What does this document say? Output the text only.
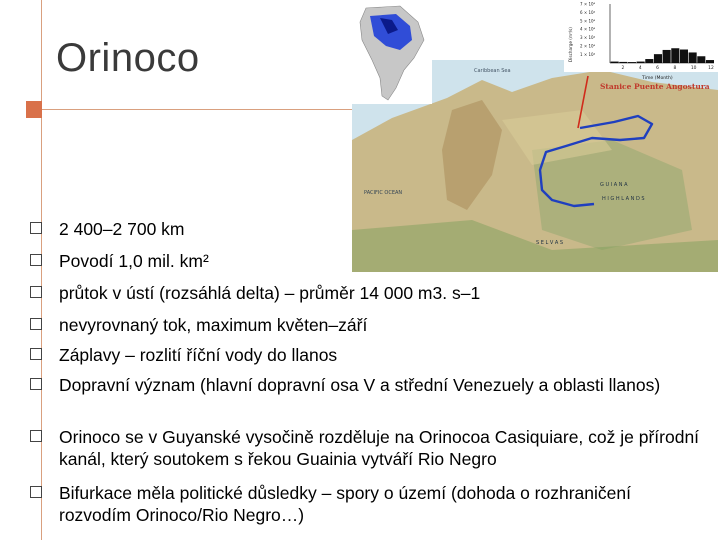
Orinoco	Caribbean Sea
PACIFIC OCEAN
G U I A N A
H I G H L A N D S
S E L V A S
Discharge (m³/s) 1 × 10⁴
2 × 10⁴
3 × 10⁴
4 × 10⁴
5 × 10⁴
6 × 10⁴
7 × 10⁴
2	4	6	8	10	12
Time (Month)
Stanice Puente Angostura
2 400–2 700 km
Povodí 1,0 mil. km²
průtok v ústí (rozsáhlá delta) – průměr 14 000 m3. s–1
nevyrovnaný tok, maximum květen–září
Záplavy – rozlití říční vody do llanos
Dopravní význam (hlavní dopravní osa V a střední Venezuely a oblasti llanos)
Orinoco se v Guyanské vysočině rozděluje na Orinocoa Casiquiare, což je přírodní kanál, který soutokem s řekou Guainia vytváří Rio Negro
Bifurkace měla politické důsledky – spory o území (dohoda o rozhraničení rozvodím Orinoco/Rio Negro…)
